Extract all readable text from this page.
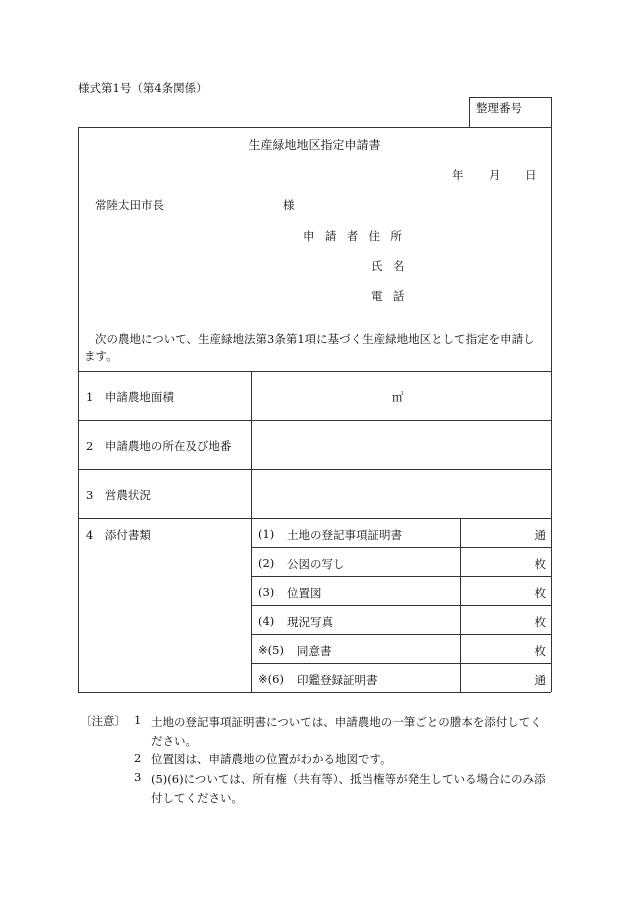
様式第1号（第4条関係）
整理番号
生産緑地地区指定申請書
年 月 日
常陸太田市長	様
申請者住所
氏名
電話
次の農地について、生産緑地法第3条第1項に基づく生産緑地地区として指定を申請します。
1　申請農地面積	㎡
2　申請農地の所在及び地番
3　営農状況
4　添付書類	(1) 土地の登記事項証明書	通
(2) 公図の写し	枚
(3) 位置図	枚
(4) 現況写真	枚
※(5) 同意書	枚
※(6) 印鑑登録証明書	通
〔注意〕 1 土地の登記事項証明書については、申請農地の一筆ごとの謄本を添付してください。
2 位置図は、申請農地の位置がわかる地図です。
3 (5)(6)については、所有権（共有等）、抵当権等が発生している場合にのみ添付してください。
